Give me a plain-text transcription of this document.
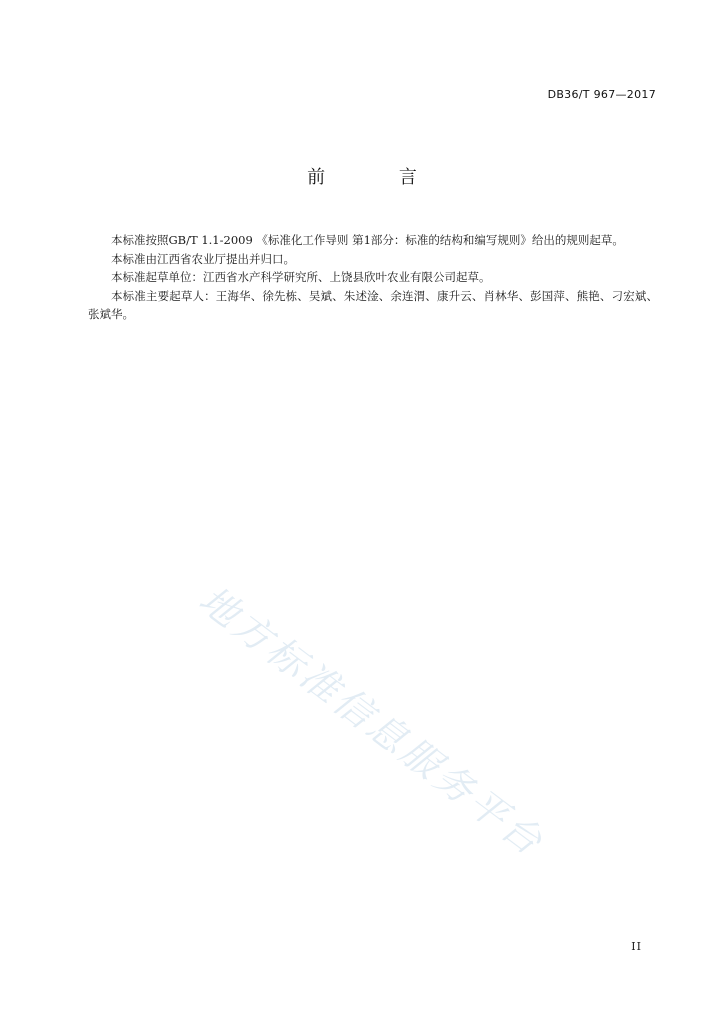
DB36/T 967—2017
前 言

本标准按照GB/T 1.1-2009 《标准化工作导则 第1部分：标准的结构和编写规则》给出的规则起草。

本标准由江西省农业厅提出并归口。

本标准起草单位：江西省水产科学研究所、上饶县欣叶农业有限公司起草。

本标准主要起草人：王海华、徐先栋、吴斌、朱述淦、余连渭、康升云、肖林华、彭国萍、熊艳、刁宏斌、张斌华。

地方标准信息服务平台
II
